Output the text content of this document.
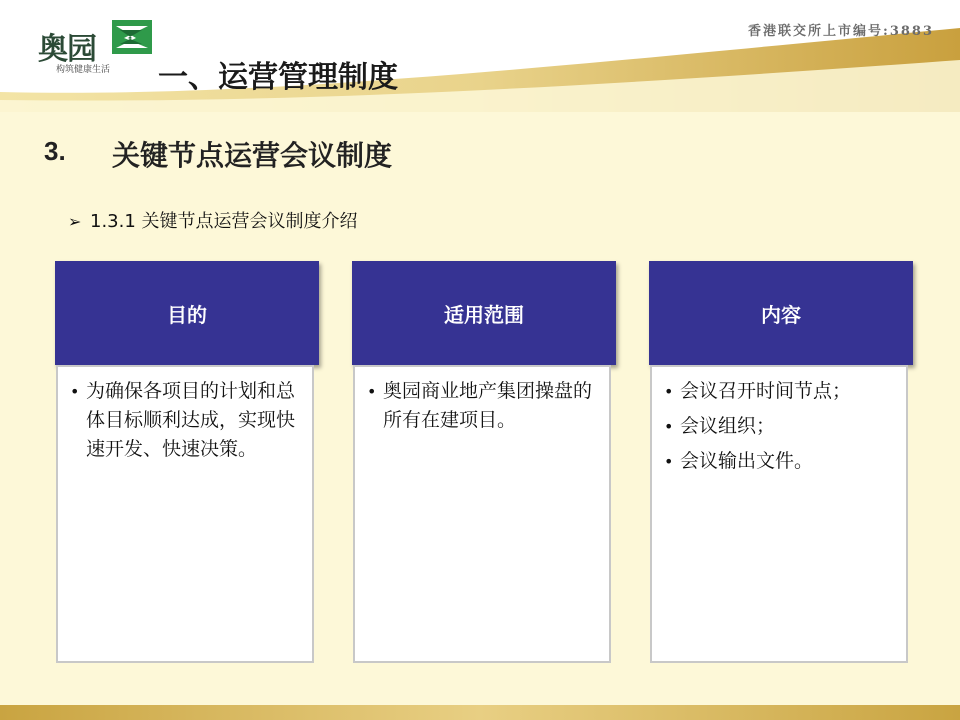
奥园
构筑健康生活
香港联交所上市编号:3883
一、运营管理制度
3. 关键节点运营会议制度
➢ 1.3.1 关键节点运营会议制度介绍
目的
• 为确保各项目的计划和总体目标顺利达成，实现快速开发、快速决策。
适用范围
• 奥园商业地产集团操盘的所有在建项目。
内容
• 会议召开时间节点；
• 会议组织；
• 会议输出文件。
